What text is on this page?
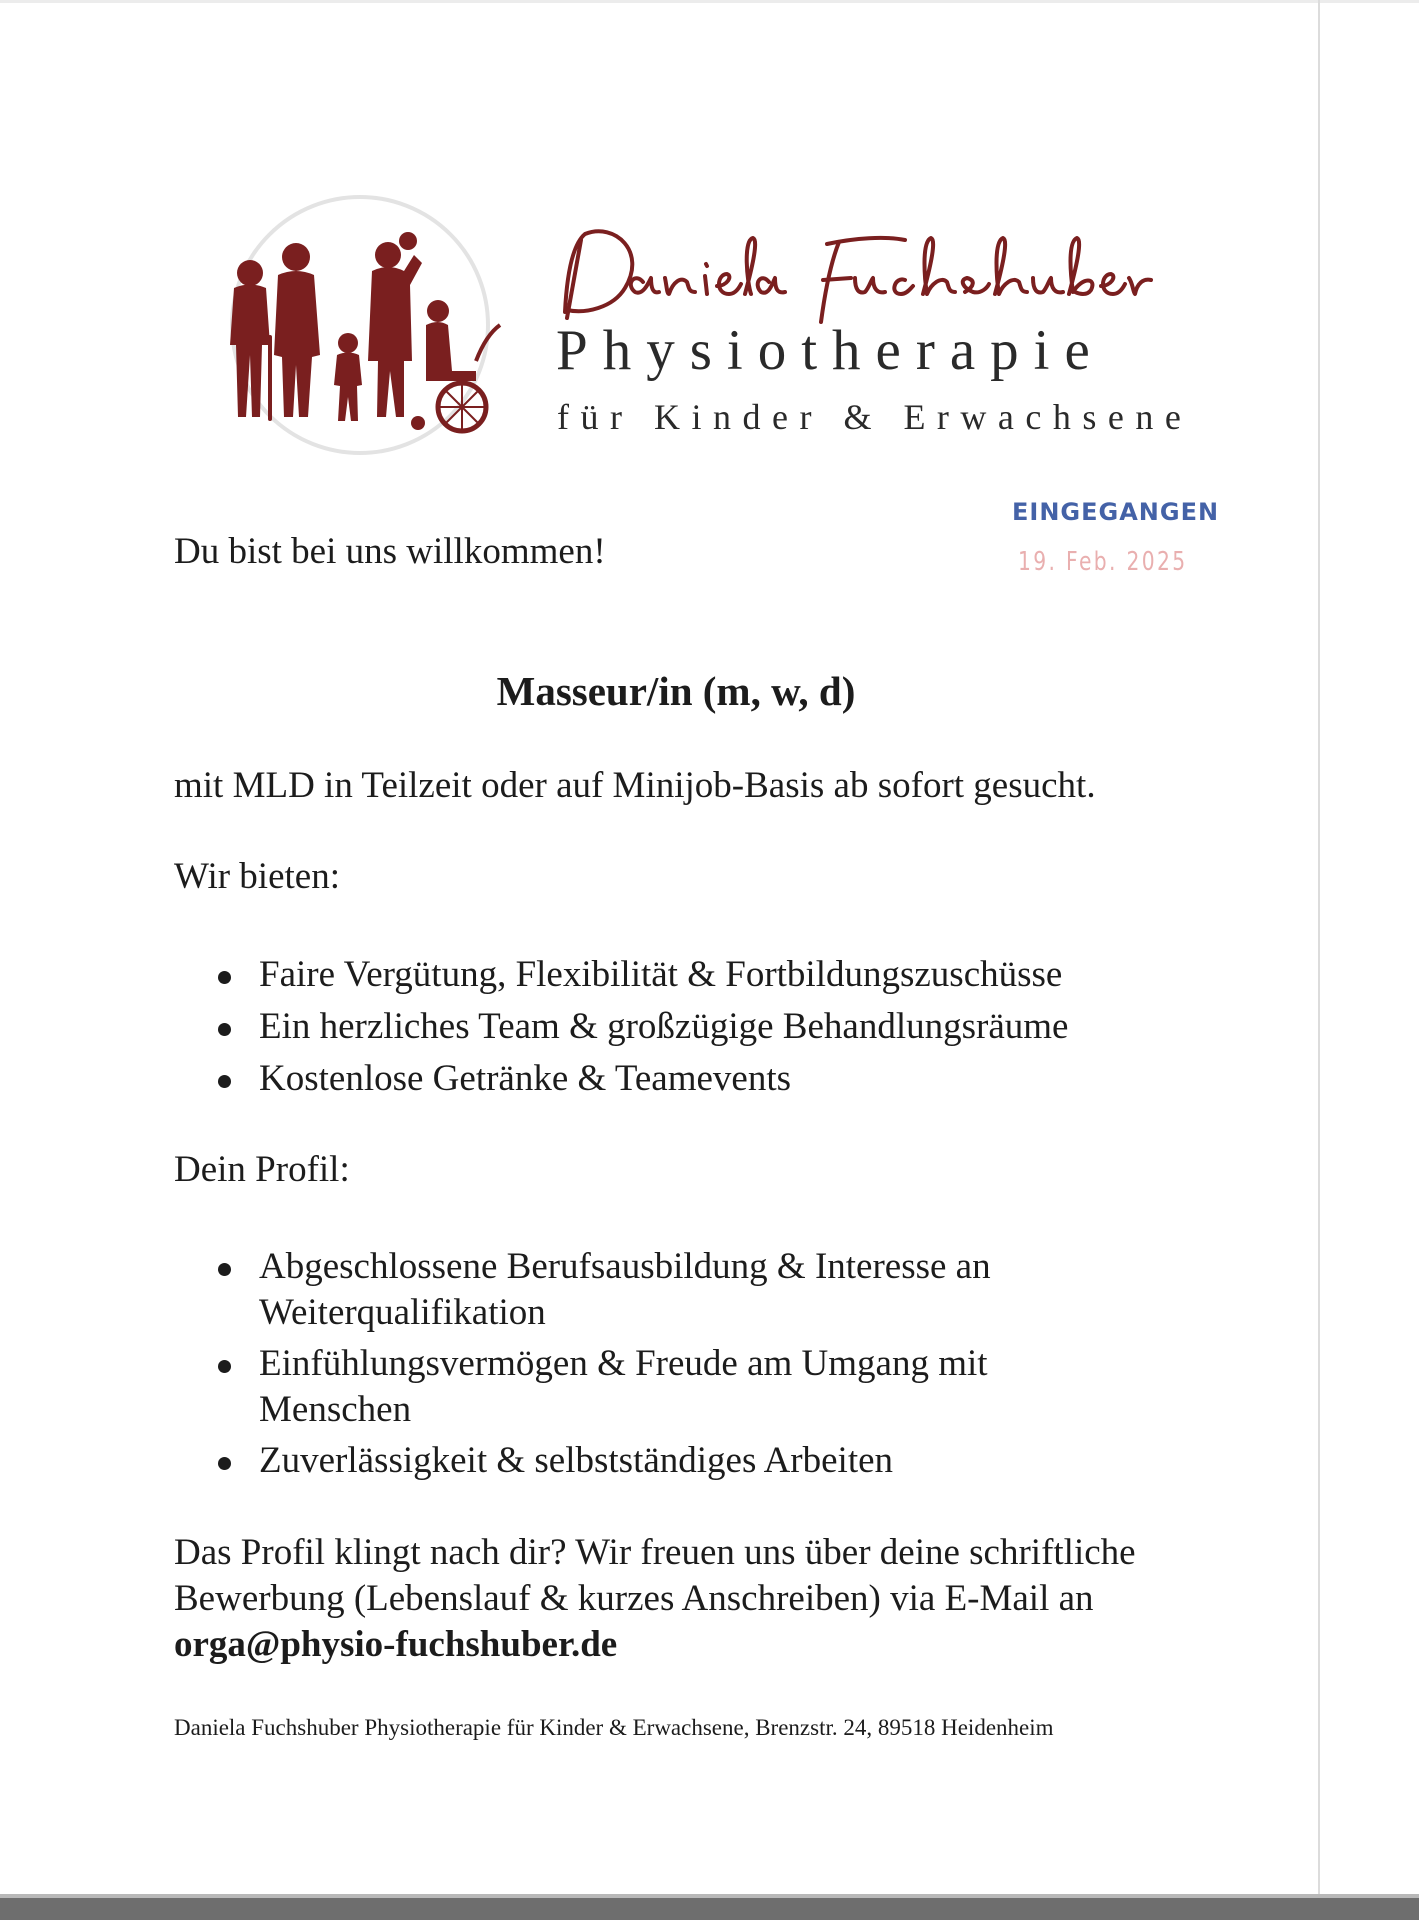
Physiotherapie

für Kinder & Erwachsene

EINGEGANGEN

19. Feb. 2025

Du bist bei uns willkommen!

Masseur/in (m, w, d)

mit MLD in Teilzeit oder auf Minijob-Basis ab sofort gesucht.

Wir bieten:

Faire Vergütung, Flexibilität & Fortbildungszuschüsse
Ein herzliches Team & großzügige Behandlungsräume
Kostenlose Getränke & Teamevents

Dein Profil:

Abgeschlossene Berufsausbildung & Interesse an
Weiterqualifikation
Einfühlungsvermögen & Freude am Umgang mit
Menschen
Zuverlässigkeit & selbstständiges Arbeiten

Das Profil klingt nach dir? Wir freuen uns über deine schriftliche Bewerbung (Lebenslauf & kurzes Anschreiben) via E-Mail an

orga@physio-fuchshuber.de

Daniela Fuchshuber Physiotherapie für Kinder & Erwachsene, Brenzstr. 24, 89518 Heidenheim
